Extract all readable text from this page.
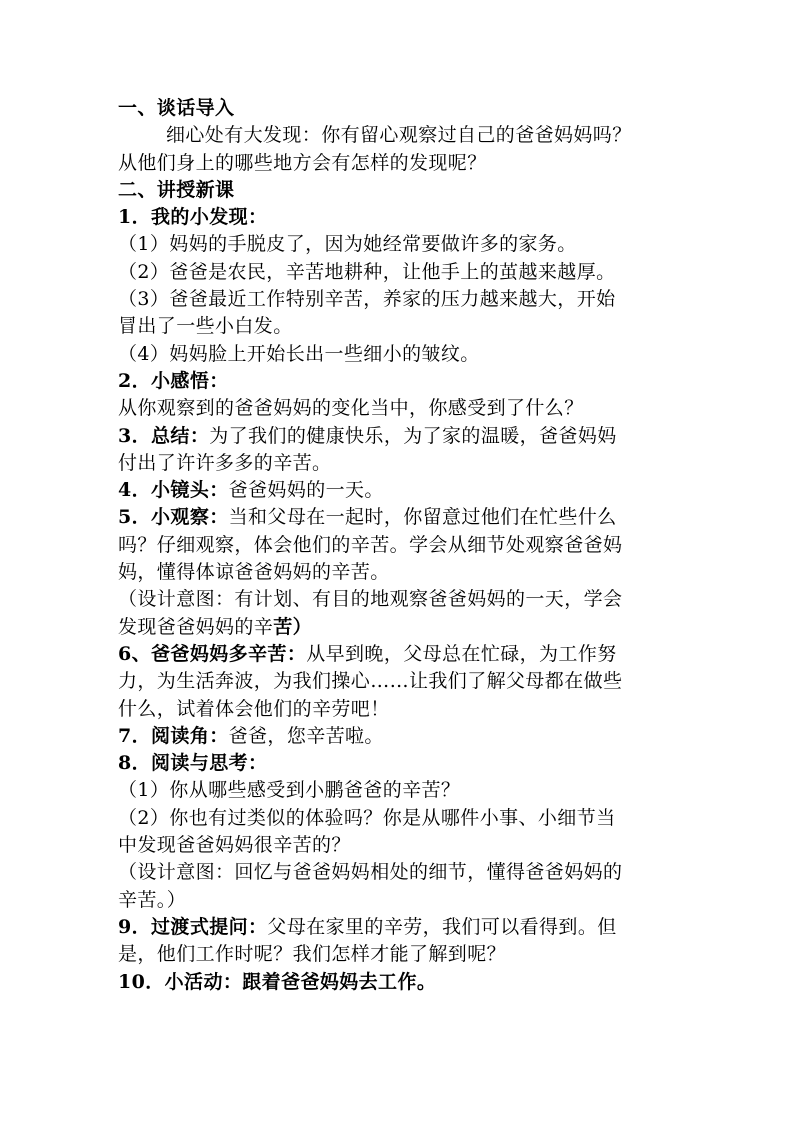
一、谈话导入
细心处有大发现：你有留心观察过自己的爸爸妈妈吗？
从他们身上的哪些地方会有怎样的发现呢？
二、讲授新课
1．我的小发现：
（1）妈妈的手脱皮了，因为她经常要做许多的家务。
（2）爸爸是农民，辛苦地耕种，让他手上的茧越来越厚。
（3）爸爸最近工作特别辛苦，养家的压力越来越大，开始
冒出了一些小白发。
（4）妈妈脸上开始长出一些细小的皱纹。
2．小感悟：
从你观察到的爸爸妈妈的变化当中，你感受到了什么？
3．总结：为了我们的健康快乐，为了家的温暖，爸爸妈妈
付出了许许多多的辛苦。
4．小镜头：爸爸妈妈的一天。
5．小观察：当和父母在一起时，你留意过他们在忙些什么
吗？仔细观察，体会他们的辛苦。学会从细节处观察爸爸妈
妈，懂得体谅爸爸妈妈的辛苦。
（设计意图：有计划、有目的地观察爸爸妈妈的一天，学会
发现爸爸妈妈的辛苦）
6、爸爸妈妈多辛苦：从早到晚，父母总在忙碌，为工作努
力，为生活奔波，为我们操心……让我们了解父母都在做些
什么，试着体会他们的辛劳吧！
7．阅读角：爸爸，您辛苦啦。
8．阅读与思考：
（1）你从哪些感受到小鹏爸爸的辛苦？
（2）你也有过类似的体验吗？你是从哪件小事、小细节当
中发现爸爸妈妈很辛苦的？
（设计意图：回忆与爸爸妈妈相处的细节，懂得爸爸妈妈的
辛苦。）
9．过渡式提问：父母在家里的辛劳，我们可以看得到。但
是，他们工作时呢？我们怎样才能了解到呢？
10．小活动：跟着爸爸妈妈去工作。
